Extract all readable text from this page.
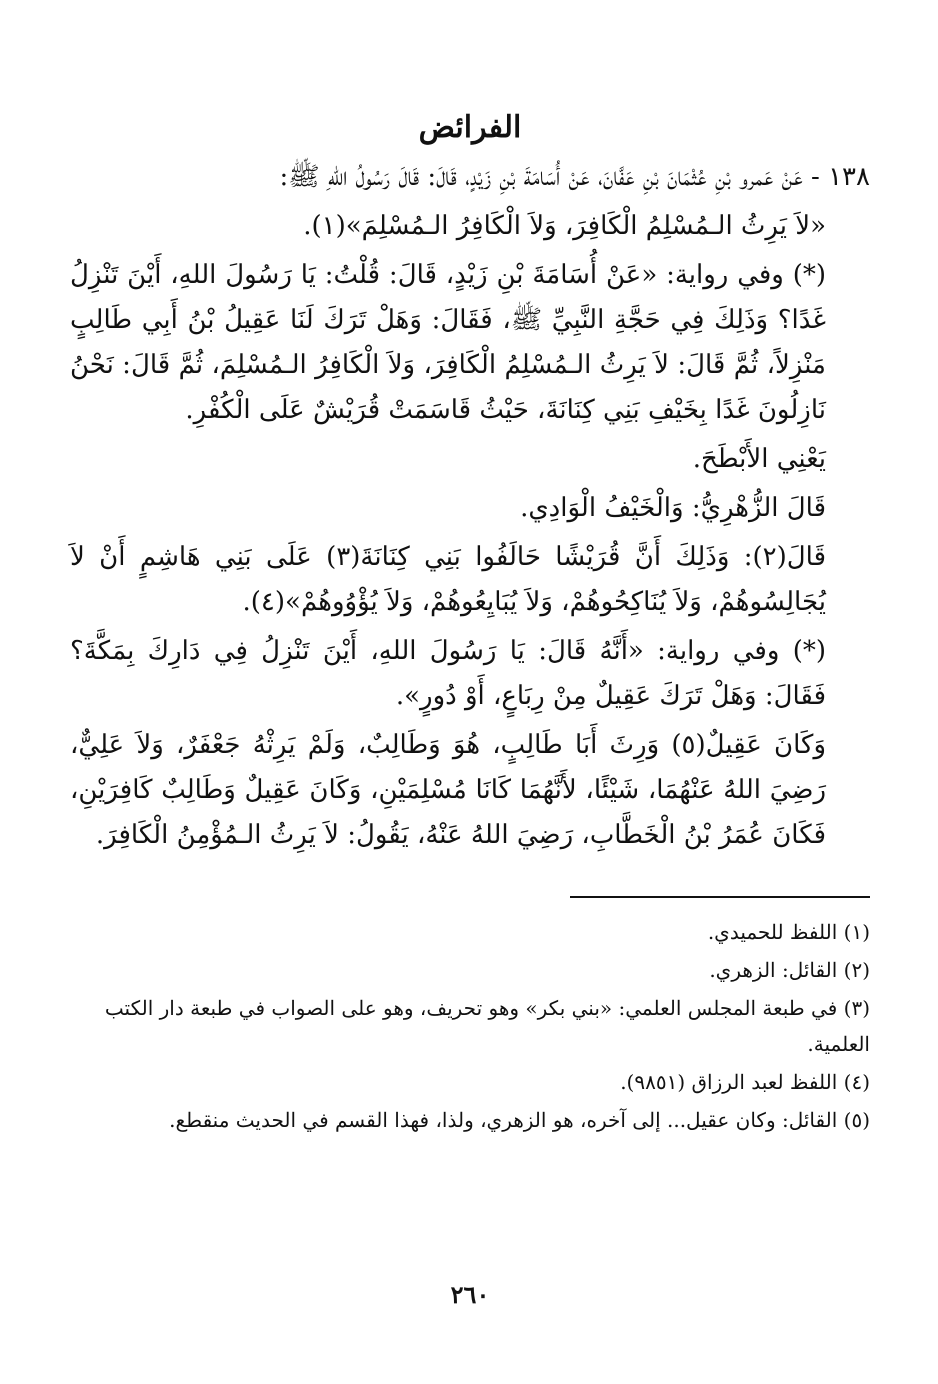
الفرائض

١٣٨ - عَنْ عَمرو بْنِ عُثْمَانَ بْنِ عَفَّانَ، عَنْ أُسَامَةَ بْنِ زَيْدٍ، قَالَ: قَالَ رَسُولُ اللهِ ﷺ:

«لاَ يَرِثُ الـمُسْلِمُ الْكَافِرَ، وَلاَ الْكَافِرُ الـمُسْلِمَ»(١).

(*) وفي رواية: «عَنْ أُسَامَةَ بْنِ زَيْدٍ، قَالَ: قُلْتُ: يَا رَسُولَ اللهِ، أَيْنَ تَنْزِلُ غَدًا؟ وَذَلِكَ فِي حَجَّةِ النَّبِيِّ ﷺ، فَقَالَ: وَهَلْ تَرَكَ لَنَا عَقِيلُ بْنُ أَبِي طَالِبٍ مَنْزِلاً، ثُمَّ قَالَ: لاَ يَرِثُ الـمُسْلِمُ الْكَافِرَ، وَلاَ الْكَافِرُ الـمُسْلِمَ، ثُمَّ قَالَ: نَحْنُ نَازِلُونَ غَدًا بِخَيْفِ بَنِي كِنَانَةَ، حَيْثُ قَاسَمَتْ قُرَيْشٌ عَلَى الْكُفْرِ.

يَعْنِي الأَبْطَحَ.

قَالَ الزُّهْرِيُّ: وَالْخَيْفُ الْوَادِي.

قَالَ(٢): وَذَلِكَ أَنَّ قُرَيْشًا حَالَفُوا بَنِي كِنَانَةَ(٣) عَلَى بَنِي هَاشِمٍ أَنْ لاَ يُجَالِسُوهُمْ، وَلاَ يُنَاكِحُوهُمْ، وَلاَ يُبَايِعُوهُمْ، وَلاَ يُؤْوُوهُمْ»(٤).

(*) وفي رواية: «أَنَّهُ قَالَ: يَا رَسُولَ اللهِ، أَيْنَ تَنْزِلُ فِي دَارِكَ بِمَكَّةَ؟ فَقَالَ: وَهَلْ تَرَكَ عَقِيلٌ مِنْ رِبَاعٍ، أَوْ دُورٍ».

وَكَانَ عَقِيلٌ(٥) وَرِثَ أَبَا طَالِبٍ، هُوَ وَطَالِبٌ، وَلَمْ يَرِثْهُ جَعْفَرٌ، وَلاَ عَلِيٌّ، رَضِيَ اللهُ عَنْهُمَا، شَيْئًا، لأَنَّهُمَا كَانَا مُسْلِمَيْنِ، وَكَانَ عَقِيلٌ وَطَالِبٌ كَافِرَيْنِ، فَكَانَ عُمَرُ بْنُ الْخَطَّابِ، رَضِيَ اللهُ عَنْهُ، يَقُولُ: لاَ يَرِثُ الـمُؤْمِنُ الْكَافِرَ.

(١) اللفظ للحميدي.

(٢) القائل: الزهري.

(٣) في طبعة المجلس العلمي: «بني بكر» وهو تحريف، وهو على الصواب في طبعة دار الكتب العلمية.

(٤) اللفظ لعبد الرزاق (٩٨٥١).

(٥) القائل: وكان عقيل... إلى آخره، هو الزهري، ولذا، فهذا القسم في الحديث منقطع.

٢٦٠
